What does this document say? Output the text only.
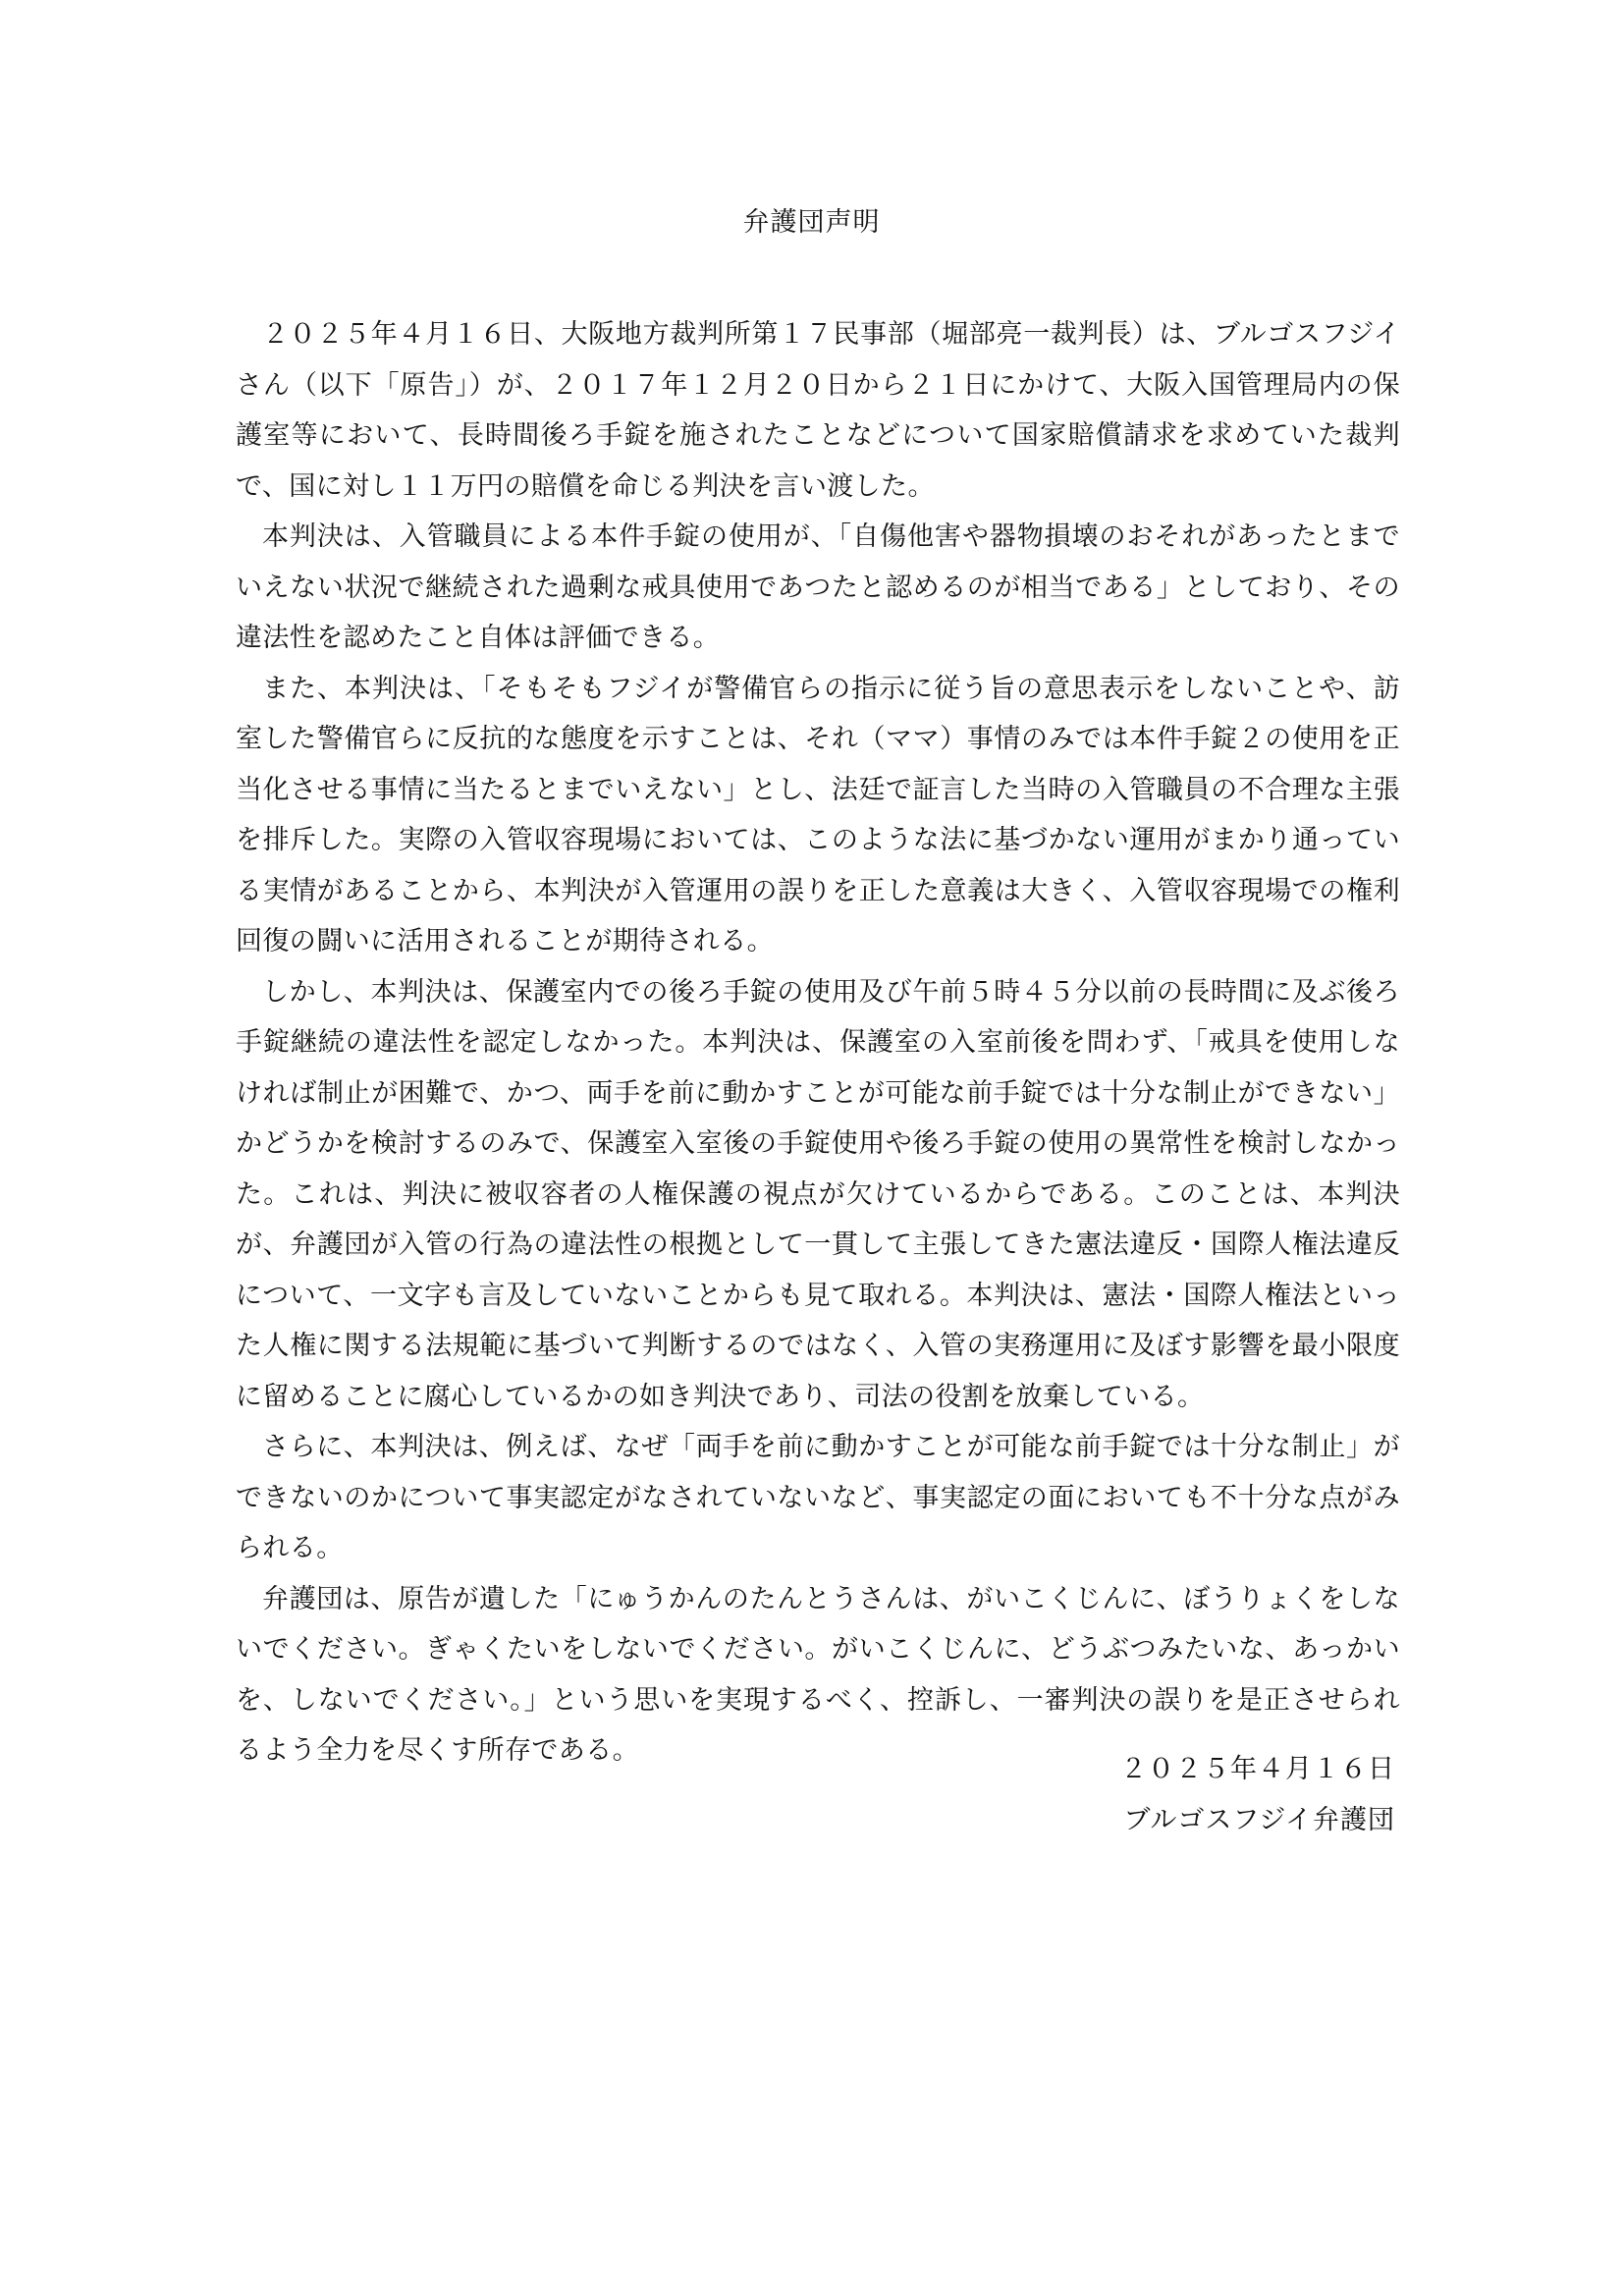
弁護団声明

２０２５年４月１６日、大阪地方裁判所第１７民事部（堀部亮一裁判長）は、ブルゴスフジイさん（以下「原告」）が、２０１７年１２月２０日から２１日にかけて、大阪入国管理局内の保護室等において、長時間後ろ手錠を施されたことなどについて国家賠償請求を求めていた裁判で、国に対し１１万円の賠償を命じる判決を言い渡した。

本判決は、入管職員による本件手錠の使用が、「自傷他害や器物損壊のおそれがあったとまでいえない状況で継続された過剰な戒具使用であつたと認めるのが相当である」としており、その違法性を認めたこと自体は評価できる。

また、本判決は、「そもそもフジイが警備官らの指示に従う旨の意思表示をしないことや、訪室した警備官らに反抗的な態度を示すことは、それ（ママ）事情のみでは本件手錠２の使用を正当化させる事情に当たるとまでいえない」とし、法廷で証言した当時の入管職員の不合理な主張を排斥した。実際の入管収容現場においては、このような法に基づかない運用がまかり通っている実情があることから、本判決が入管運用の誤りを正した意義は大きく、入管収容現場での権利回復の闘いに活用されることが期待される。

しかし、本判決は、保護室内での後ろ手錠の使用及び午前５時４５分以前の長時間に及ぶ後ろ手錠継続の違法性を認定しなかった。本判決は、保護室の入室前後を問わず、「戒具を使用しなければ制止が困難で、かつ、両手を前に動かすことが可能な前手錠では十分な制止ができない」かどうかを検討するのみで、保護室入室後の手錠使用や後ろ手錠の使用の異常性を検討しなかった。これは、判決に被収容者の人権保護の視点が欠けているからである。このことは、本判決が、弁護団が入管の行為の違法性の根拠として一貫して主張してきた憲法違反・国際人権法違反について、一文字も言及していないことからも見て取れる。本判決は、憲法・国際人権法といった人権に関する法規範に基づいて判断するのではなく、入管の実務運用に及ぼす影響を最小限度に留めることに腐心しているかの如き判決であり、司法の役割を放棄している。

さらに、本判決は、例えば、なぜ「両手を前に動かすことが可能な前手錠では十分な制止」ができないのかについて事実認定がなされていないなど、事実認定の面においても不十分な点がみられる。

弁護団は、原告が遺した「にゅうかんのたんとうさんは、がいこくじんに、ぼうりょくをしないでください。ぎゃくたいをしないでください。がいこくじんに、どうぶつみたいな、あっかいを、しないでください。」という思いを実現するべく、控訴し、一審判決の誤りを是正させられるよう全力を尽くす所存である。

２０２５年４月１６日
ブルゴスフジイ弁護団
